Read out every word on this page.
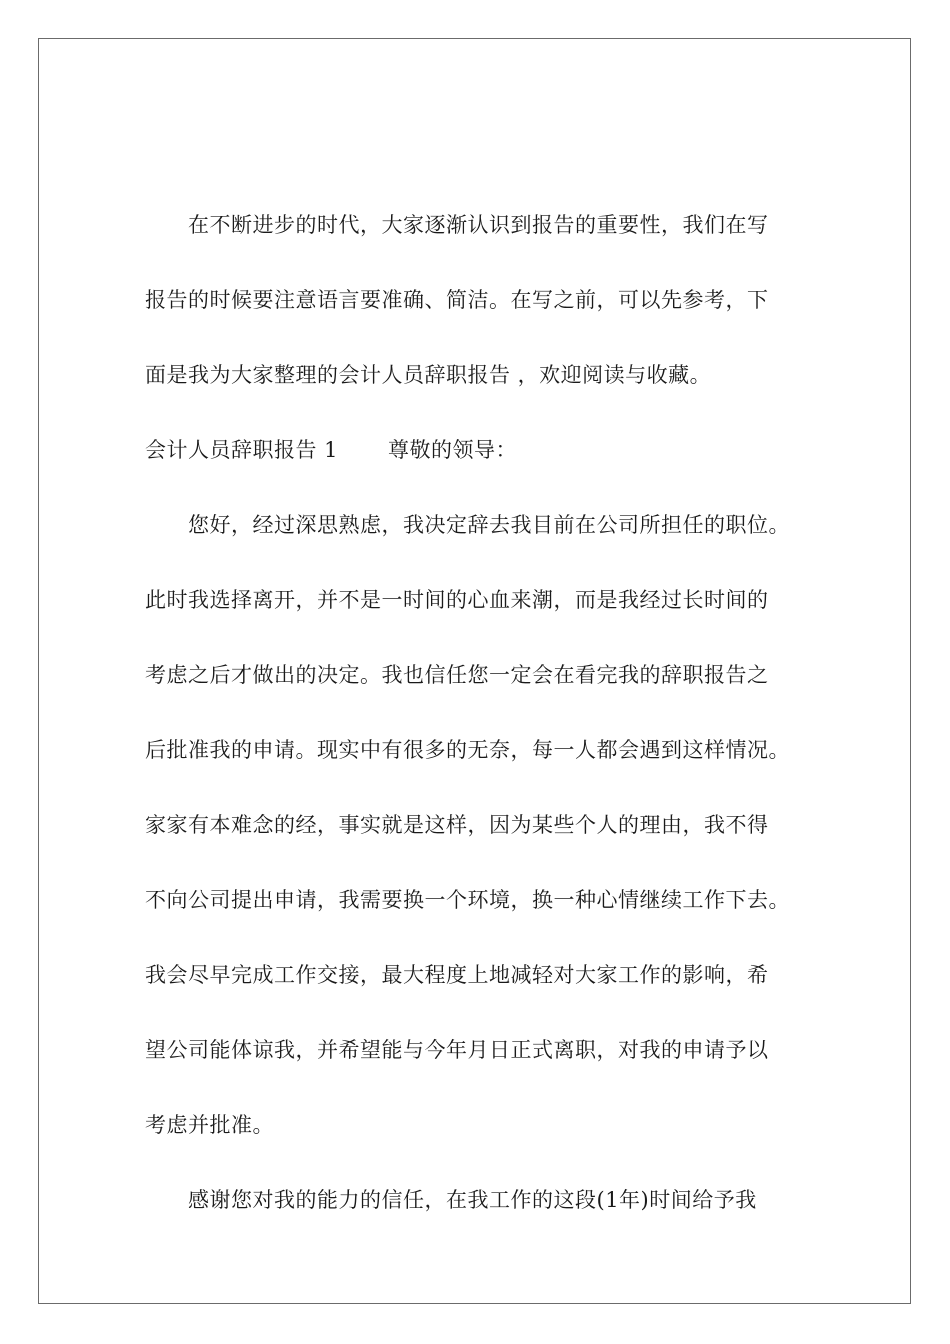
在不断进步的时代，大家逐渐认识到报告的重要性，我们在写
报告的时候要注意语言要准确、简洁。在写之前，可以先参考，下
面是我为大家整理的会计人员辞职报告 ，欢迎阅读与收藏。
会计人员辞职报告 1 尊敬的领导：
您好，经过深思熟虑，我决定辞去我目前在公司所担任的职位。
此时我选择离开，并不是一时间的心血来潮，而是我经过长时间的
考虑之后才做出的决定。我也信任您一定会在看完我的辞职报告之
后批准我的申请。现实中有很多的无奈，每一人都会遇到这样情况。
家家有本难念的经，事实就是这样，因为某些个人的理由，我不得
不向公司提出申请，我需要换一个环境，换一种心情继续工作下去。
我会尽早完成工作交接，最大程度上地减轻对大家工作的影响，希
望公司能体谅我，并希望能与今年月日正式离职，对我的申请予以
考虑并批准。
感谢您对我的能力的信任，在我工作的这段(1年)时间给予我
